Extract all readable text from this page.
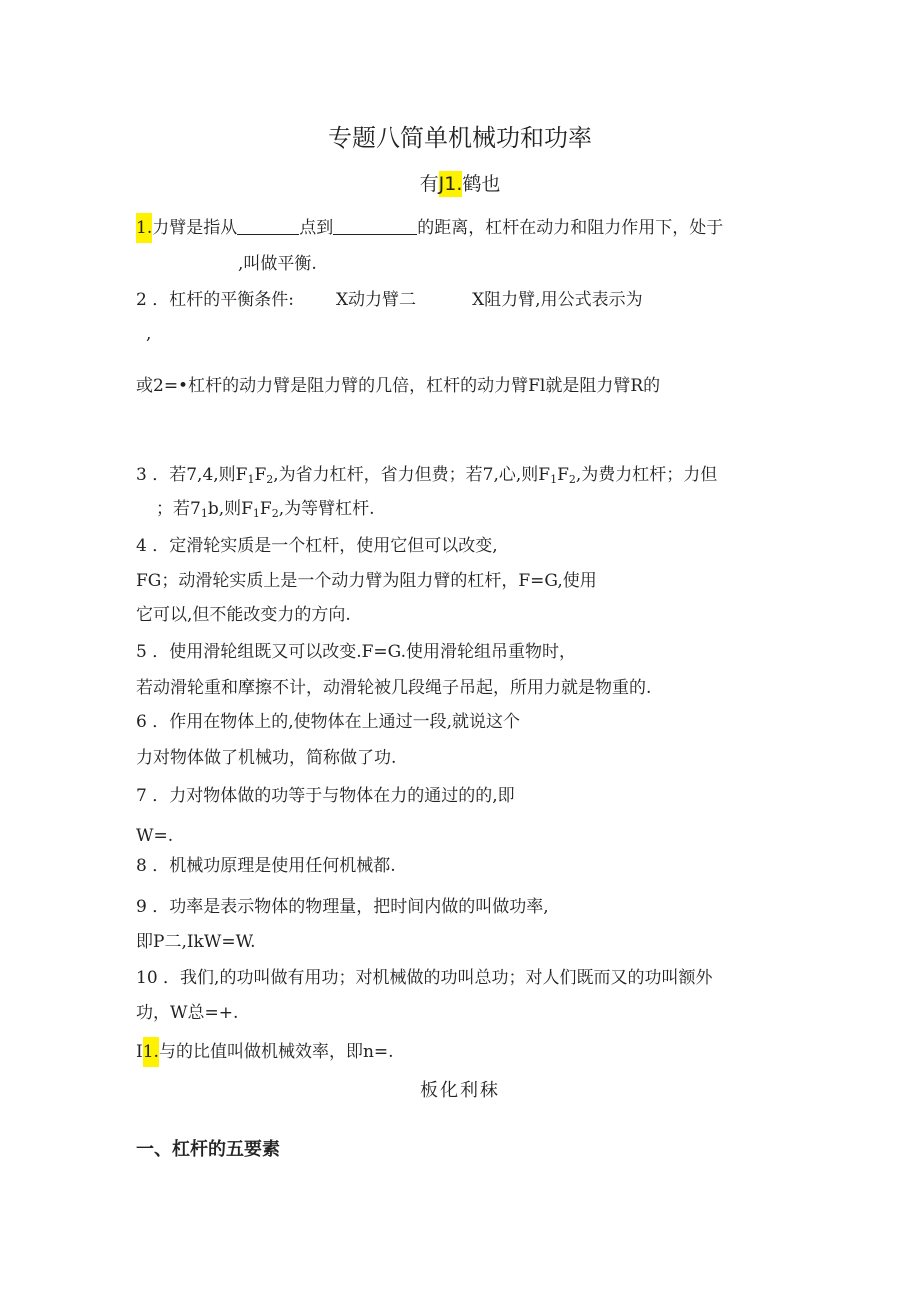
专题八简单机械功和功率
有J1.鹤也
1.力臂是指从	点到	的距离，杠杆在动力和阻力作用下，处于
,叫做平衡.
2 ．杠杆的平衡条件: X动力臂二	X阻力臂,用公式表示为
,
或2=•杠杆的动力臂是阻力臂的几倍，杠杆的动力臂Fl就是阻力臂R的
3 ．若7,4,则$F_1F_2$,为省力杠杆，省力但费；若7,心,则$F_1F_2$,为费力杠杆；力但
；若$7_1b$,则$F_1F_2$,为等臂杠杆.
4 ．定滑轮实质是一个杠杆，使用它但可以改变,
FG；动滑轮实质上是一个动力臂为阻力臂的杠杆，F=G,使用
它可以,但不能改变力的方向.
5 ．使用滑轮组既又可以改变.F=G.使用滑轮组吊重物时，
若动滑轮重和摩擦不计，动滑轮被几段绳子吊起，所用力就是物重的.
6 ．作用在物体上的,使物体在上通过一段,就说这个
力对物体做了机械功，简称做了功.
7 ．力对物体做的功等于与物体在力的通过的的,即
W=.
8 ．机械功原理是使用任何机械都.
9 ．功率是表示物体的物理量，把时间内做的叫做功率,
即P二,IkW=W.
10 ．我们,的功叫做有用功；对机械做的功叫总功；对人们既而又的功叫额外
功，W总=+.
I1.与的比值叫做机械效率，即n=.
板化利秣
一、杠杆的五要素
